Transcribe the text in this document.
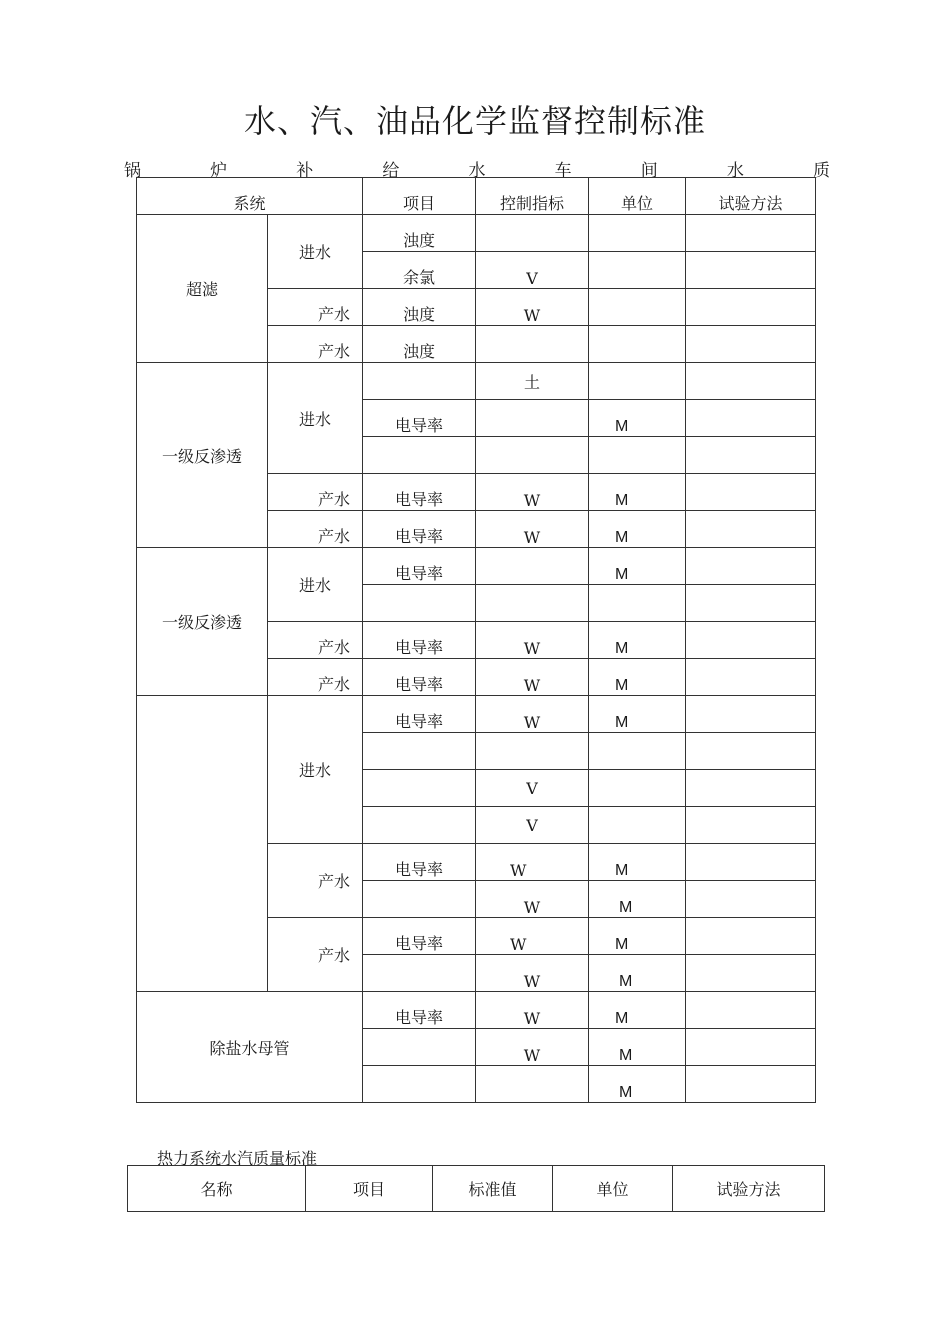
水、汽、油品化学监督控制标准
锅	炉	补	给	水	车	间	水	质
系统		项目	控制指标	单位	试验方法
超滤	进水	浊度			
		余氯	V		
	产水	浊度	W		
	产水	浊度			
一级反渗透	进水		土		
		电导率		M	

	产水	电导率	W	M	
	产水	电导率	W	M	
一级反渗透	进水	电导率		M	

	产水	电导率	W	M	
	产水	电导率	W	M	
	进水	电导率	W	M	

			V		
			V		
	产水	电导率	W	M	
			W	M	
	产水	电导率	W	M	
			W	M	
除盐水母管		电导率	W	M	
			W	M	
				M	
热力系统水汽质量标准
名称	项目	标准值	单位	试验方法
